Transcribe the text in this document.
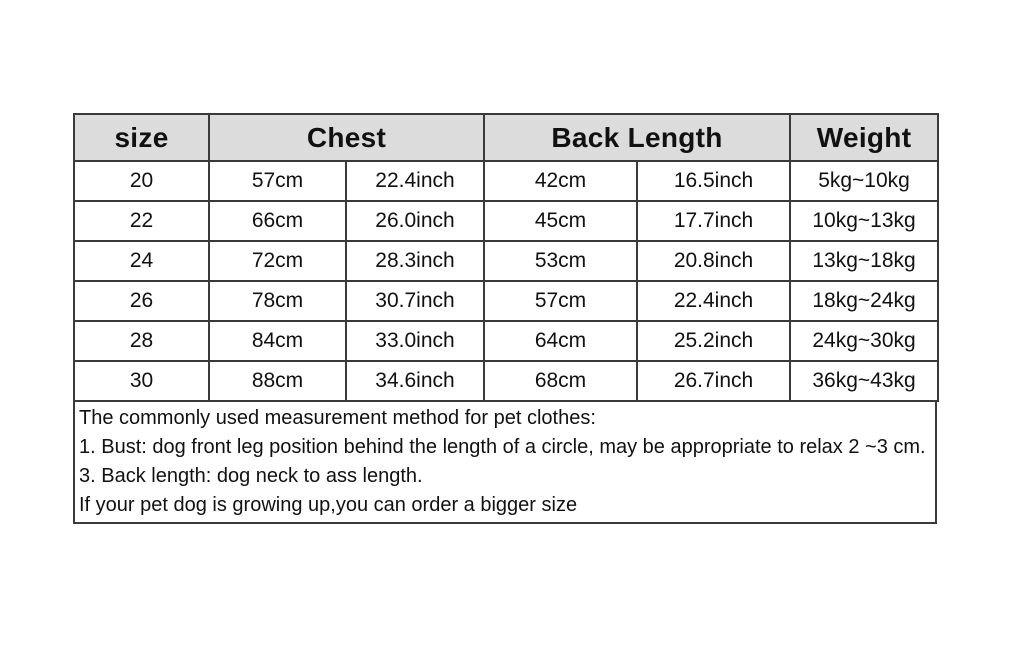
size	Chest		Back Length		Weight
20	57cm	22.4inch	42cm	16.5inch	5kg~10kg
22	66cm	26.0inch	45cm	17.7inch	10kg~13kg
24	72cm	28.3inch	53cm	20.8inch	13kg~18kg
26	78cm	30.7inch	57cm	22.4inch	18kg~24kg
28	84cm	33.0inch	64cm	25.2inch	24kg~30kg
30	88cm	34.6inch	68cm	26.7inch	36kg~43kg

The commonly used measurement method for pet clothes:

1. Bust: dog front leg position behind the length of a circle, may be appropriate to relax 2 ~3 cm.

3. Back length: dog neck to ass length.

If your pet dog is growing up,you can order a bigger size
